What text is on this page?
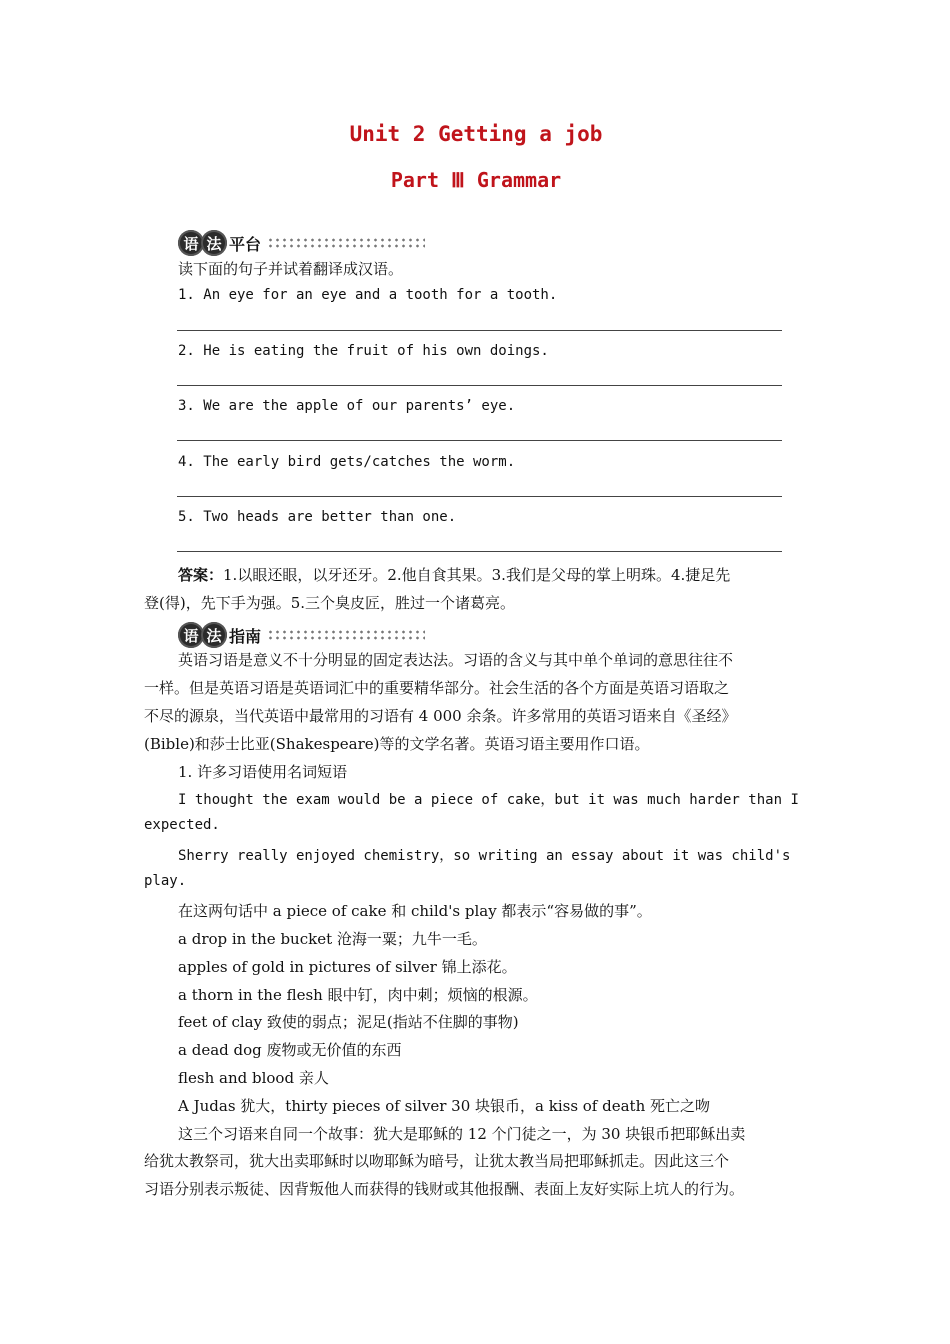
Unit 2 Getting a job
Part Ⅲ Grammar
语 法 平台
读下面的句子并试着翻译成汉语。
1. An eye for an eye and a tooth for a tooth.
2. He is eating the fruit of his own doings.
3. We are the apple of our parents’ eye.
4. The early bird gets/catches the worm.
5. Two heads are better than one.
答案：1.以眼还眼，以牙还牙。2.他自食其果。3.我们是父母的掌上明珠。4.捷足先
登(得)，先下手为强。5.三个臭皮匠，胜过一个诸葛亮。
语 法 指南
英语习语是意义不十分明显的固定表达法。习语的含义与其中单个单词的意思往往不
一样。但是英语习语是英语词汇中的重要精华部分。社会生活的各个方面是英语习语取之
不尽的源泉，当代英语中最常用的习语有 4 000 余条。许多常用的英语习语来自《圣经》
(Bible)和莎士比亚(Shakespeare)等的文学名著。英语习语主要用作口语。
1. 许多习语使用名词短语
I thought the exam would be a piece of cake，but it was much harder than I
expected.
Sherry really enjoyed chemistry，so writing an essay about it was child's
play.
在这两句话中 a piece of cake 和 child's play 都表示“容易做的事”。
a drop in the bucket 沧海一粟；九牛一毛。
apples of gold in pictures of silver 锦上添花。
a thorn in the flesh 眼中钉，肉中刺；烦恼的根源。
feet of clay 致使的弱点；泥足(指站不住脚的事物)
a dead dog 废物或无价值的东西
flesh and blood 亲人
A Judas 犹大，thirty pieces of silver 30 块银币，a kiss of death 死亡之吻
这三个习语来自同一个故事：犹大是耶稣的 12 个门徒之一，为 30 块银币把耶稣出卖
给犹太教祭司，犹大出卖耶稣时以吻耶稣为暗号，让犹太教当局把耶稣抓走。因此这三个
习语分别表示叛徒、因背叛他人而获得的钱财或其他报酬、表面上友好实际上坑人的行为。
